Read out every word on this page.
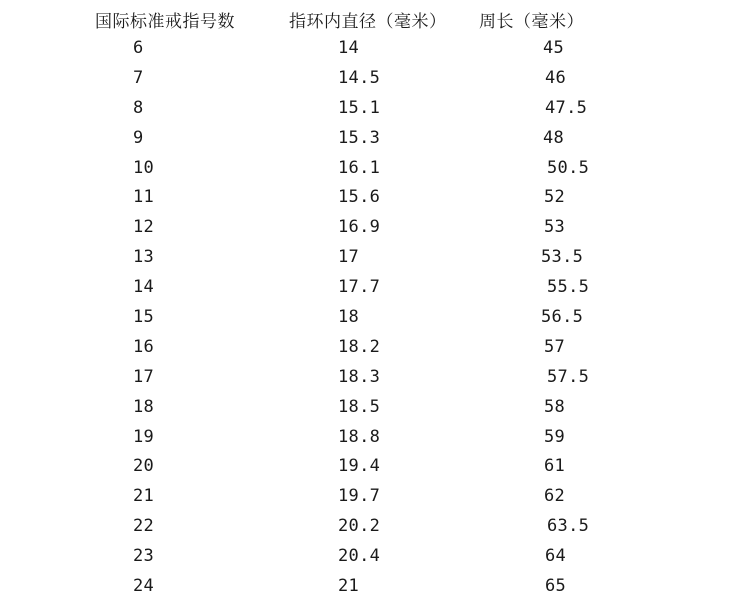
国际标准戒指号数	指环内直径（毫米） 周长（毫米）
6	14	45
7	14.5	46
8	15.1	47.5
9	15.3	48
10	16.1	50.5
11	15.6	52
12	16.9	53
13	17	53.5
14	17.7	55.5
15	18	56.5
16	18.2	57
17	18.3	57.5
18	18.5	58
19	18.8	59
20	19.4	61
21	19.7	62
22	20.2	63.5
23	20.4	64
24	21	65
